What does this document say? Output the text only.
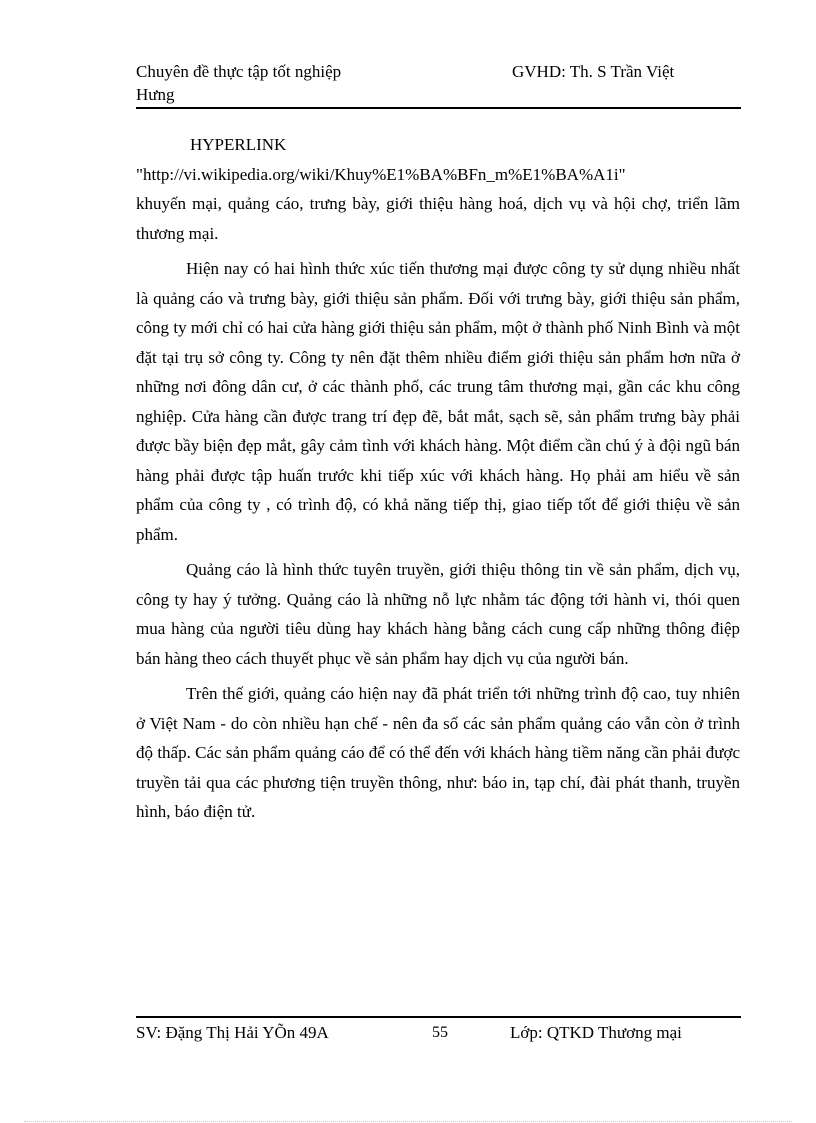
Chuyên đề thực tập tốt nghiệp Hưng
GVHD: Th. S Trần Việt

HYPERLINK

"http://vi.wikipedia.org/wiki/Khuy%E1%BA%BFn_m%E1%BA%A1i"

khuyến mại, quảng cáo, trưng bày, giới thiệu hàng hoá, dịch vụ và hội chợ, triển lãm thương mại.

Hiện nay có hai hình thức xúc tiến thương mại được công ty sử dụng nhiều nhất là quảng cáo và trưng bày, giới thiệu sản phẩm. Đối với trưng bày, giới thiệu sản phẩm, công ty mới chỉ có hai cửa hàng giới thiệu sản phẩm, một ở thành phố Ninh Bình và một đặt tại trụ sở công ty. Công ty nên đặt thêm nhiều điểm giới thiệu sản phẩm hơn nữa ở những nơi đông dân cư, ở các thành phố, các trung tâm thương mại, gần các khu công nghiệp. Cửa hàng cần được trang trí đẹp đẽ, bắt mắt, sạch sẽ, sản phẩm trưng bày phải được bầy biện đẹp mắt, gây cảm tình với khách hàng. Một điểm cần chú ý à đội ngũ bán hàng phải được tập huấn trước khi tiếp xúc với khách hàng. Họ phải am hiểu về sản phẩm của công ty , có trình độ, có khả năng tiếp thị, giao tiếp tốt để giới thiệu về sản phẩm.

Quảng cáo là hình thức tuyên truyền, giới thiệu thông tin về sản phẩm, dịch vụ, công ty hay ý tưởng. Quảng cáo là những nỗ lực nhằm tác động tới hành vi, thói quen mua hàng của người tiêu dùng hay khách hàng bằng cách cung cấp những thông điệp bán hàng theo cách thuyết phục về sản phẩm hay dịch vụ của người bán.

Trên thế giới, quảng cáo hiện nay đã phát triển tới những trình độ cao, tuy nhiên ở Việt Nam - do còn nhiều hạn chế - nên đa số các sản phẩm quảng cáo vẫn còn ở trình độ thấp. Các sản phẩm quảng cáo để có thể đến với khách hàng tiềm năng cần phải được truyền tải qua các phương tiện truyền thông, như: báo in, tạp chí, đài phát thanh, truyền hình, báo điện tử.

SV: Đặng Thị Hải YÕn 49A	55	Lớp: QTKD Thương mại
